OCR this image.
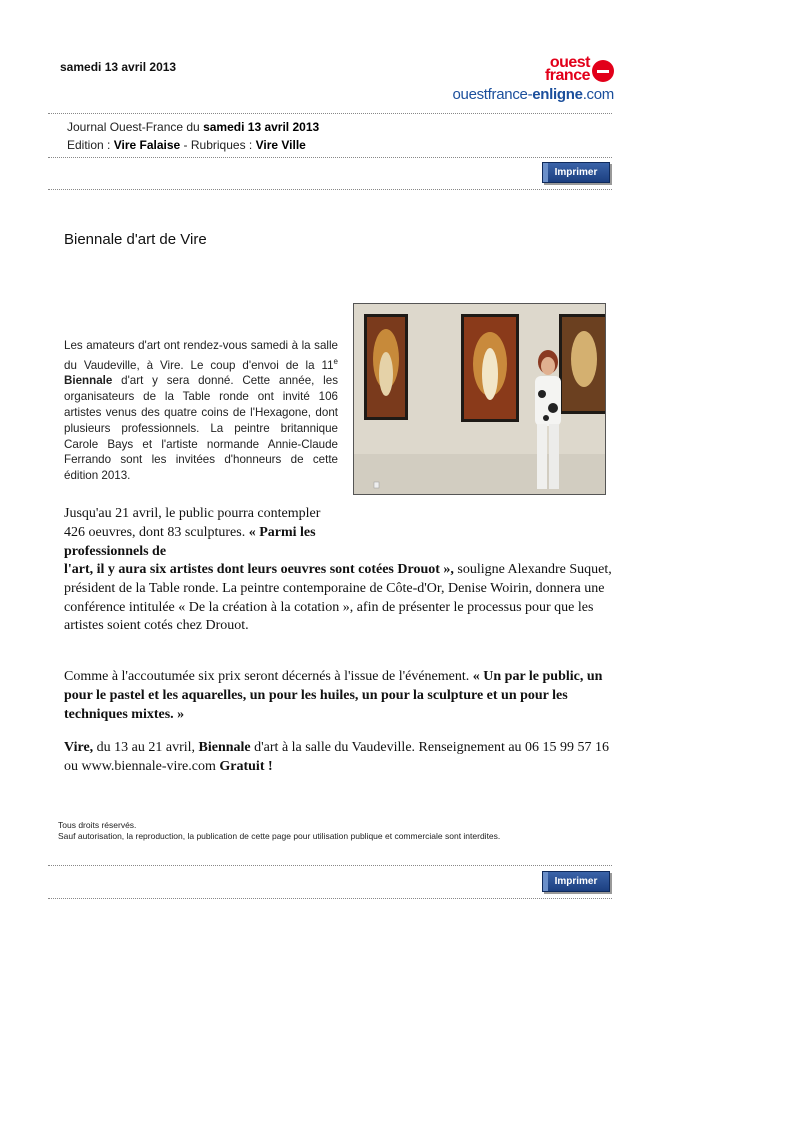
samedi 13 avril 2013	ouest
france
ouestfrance-enligne.com
Journal Ouest-France du samedi 13 avril 2013
Edition : Vire Falaise - Rubriques : Vire Ville
Imprimer
Biennale d'art de Vire
Les amateurs d'art ont rendez-vous samedi à la salle du Vaudeville, à Vire. Le coup d'envoi de la 11e Biennale d'art y sera donné. Cette année, les organisateurs de la Table ronde ont invité 106 artistes venus des quatre coins de l'Hexagone, dont plusieurs professionnels. La peintre britannique Carole Bays et l'artiste normande Annie-Claude Ferrando sont les invitées d'honneurs de cette édition 2013.
Jusqu'au 21 avril, le public pourra contempler 426 oeuvres, dont 83 sculptures. « Parmi les professionnels de
l'art, il y aura six artistes dont leurs oeuvres sont cotées Drouot », souligne Alexandre Suquet, président de la Table ronde. La peintre contemporaine de Côte-d'Or, Denise Woirin, donnera une conférence intitulée « De la création à la cotation », afin de présenter le processus pour que les artistes soient cotés chez Drouot.
Comme à l'accoutumée six prix seront décernés à l'issue de l'événement. « Un par le public, un pour le pastel et les aquarelles, un pour les huiles, un pour la sculpture et un pour les techniques mixtes. »
Vire, du 13 au 21 avril, Biennale d'art à la salle du Vaudeville. Renseignement au 06 15 99 57 16 ou www.biennale-vire.com Gratuit !
Tous droits réservés.
Sauf autorisation, la reproduction, la publication de cette page pour utilisation publique et commerciale sont interdites.
Imprimer
